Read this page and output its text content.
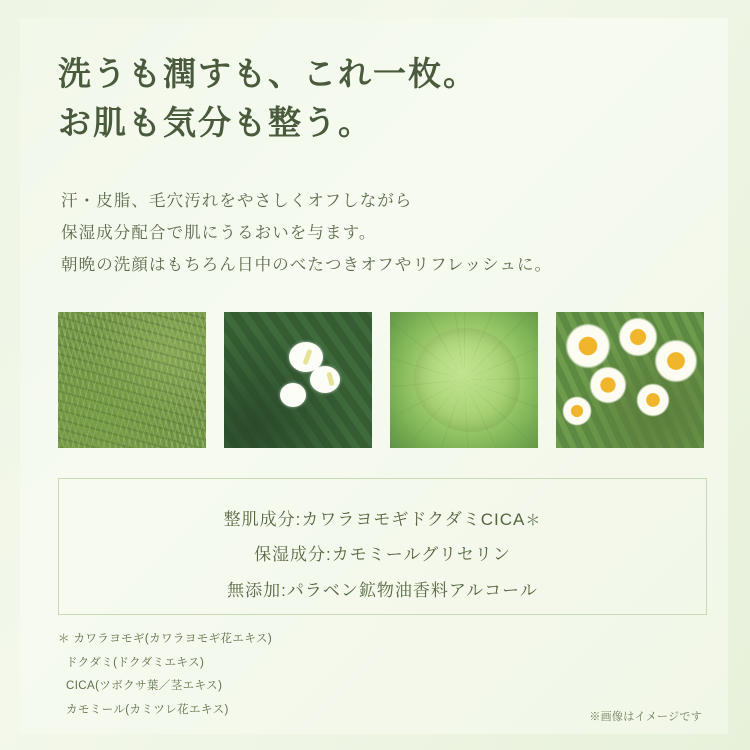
洗うも潤すも、これ一枚。
お肌も気分も整う。
汗・皮脂、毛穴汚れをやさしくオフしながら
保湿成分配合で肌にうるおいを与ます。
朝晩の洗顔はもちろん日中のべたつきオフやリフレッシュに。
整肌成分:カワラヨモギドクダミCICA＊
保湿成分:カモミールグリセリン
無添加:パラベン鉱物油香料アルコール
＊ カワラヨモギ(カワラヨモギ花エキス)
ドクダミ(ドクダミエキス)
CICA(ツボクサ葉／茎エキス)
カモミール(カミツレ花エキス)
※画像はイメージです
